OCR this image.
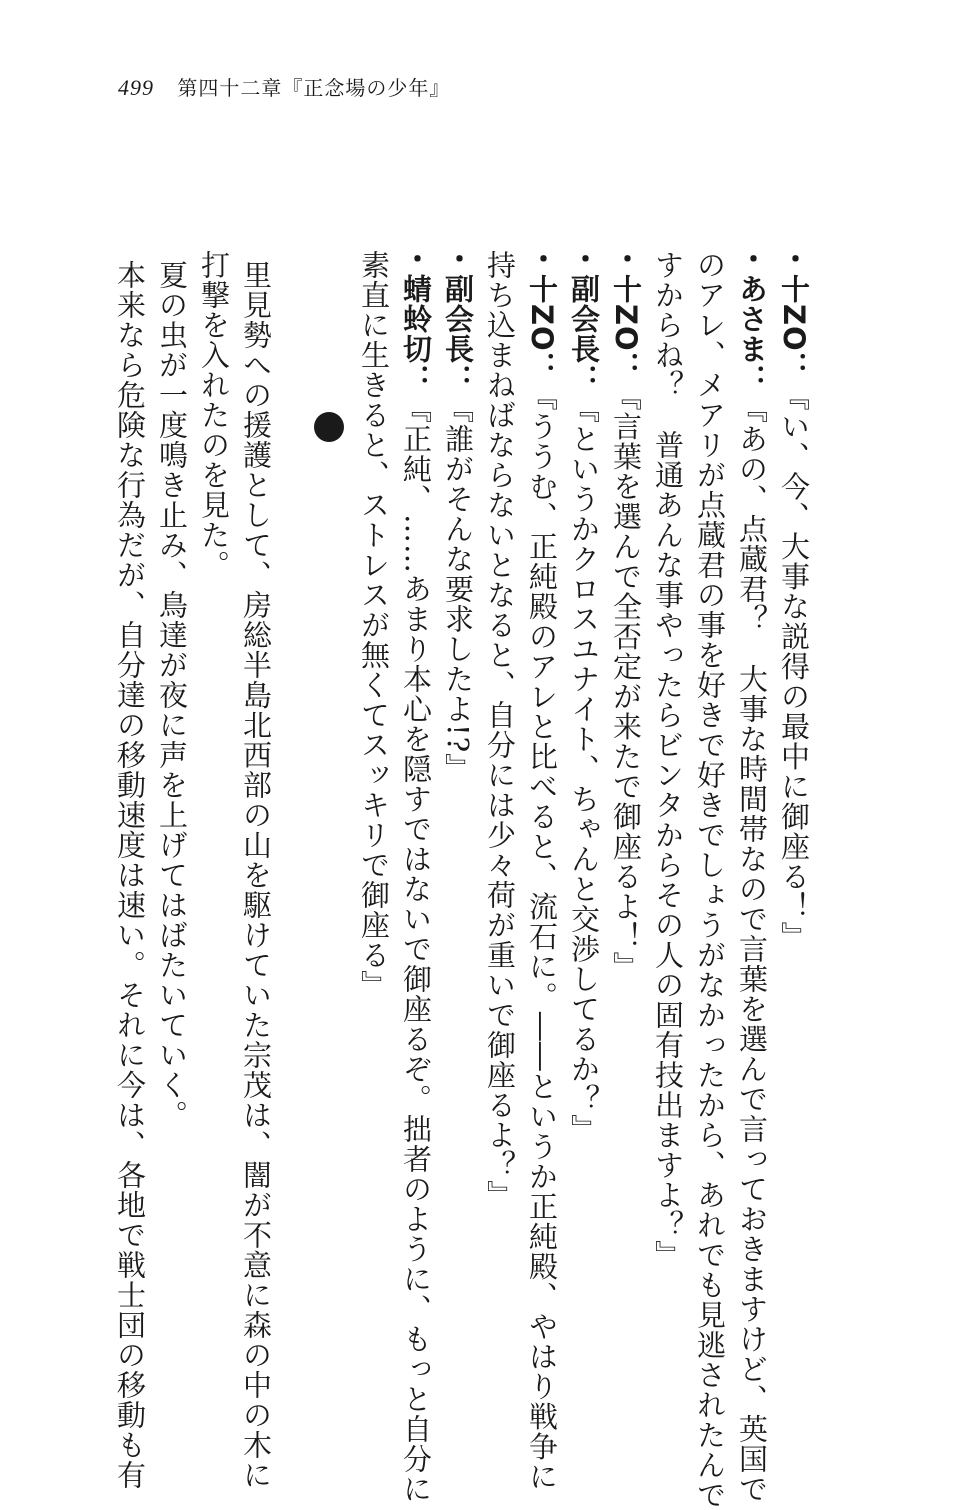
499 第四十二章『正念場の少年』
・十ZO：『い、今、大事な説得の最中に御座る！』
・あさま：『あの、点蔵君？　大事な時間帯なので言葉を選んで言っておきますけど、英国で
のアレ、メアリが点蔵君の事を好きで好きでしょうがなかったから、あれでも見逃されたんで
すからね？　普通あんな事やったらビンタからその人の固有技出ますよ？』
・十ZO：『言葉を選んで全否定が来たで御座るよ！』
・副会長：『というかクロスユナイト、ちゃんと交渉してるか？』
・十ZO：『ううむ、正純殿のアレと比べると、流石に。――というか正純殿、やはり戦争に
持ち込まねばならないとなると、自分には少々荷が重いで御座るよ？』
・副会長：『誰がそんな要求したよ!?』
・蜻蛉切：『正純、……あまり本心を隠すではないで御座るぞ。拙者のように、もっと自分に
素直に生きると、ストレスが無くてスッキリで御座る』
里見勢への援護として、房総半島北西部の山を駆けていた宗茂は、闇が不意に森の中の木に
打撃を入れたのを見た。
夏の虫が一度鳴き止み、鳥達が夜に声を上げてはばたいていく。
本来なら危険な行為だが、自分達の移動速度は速い。それに今は、各地で戦士団の移動も有
